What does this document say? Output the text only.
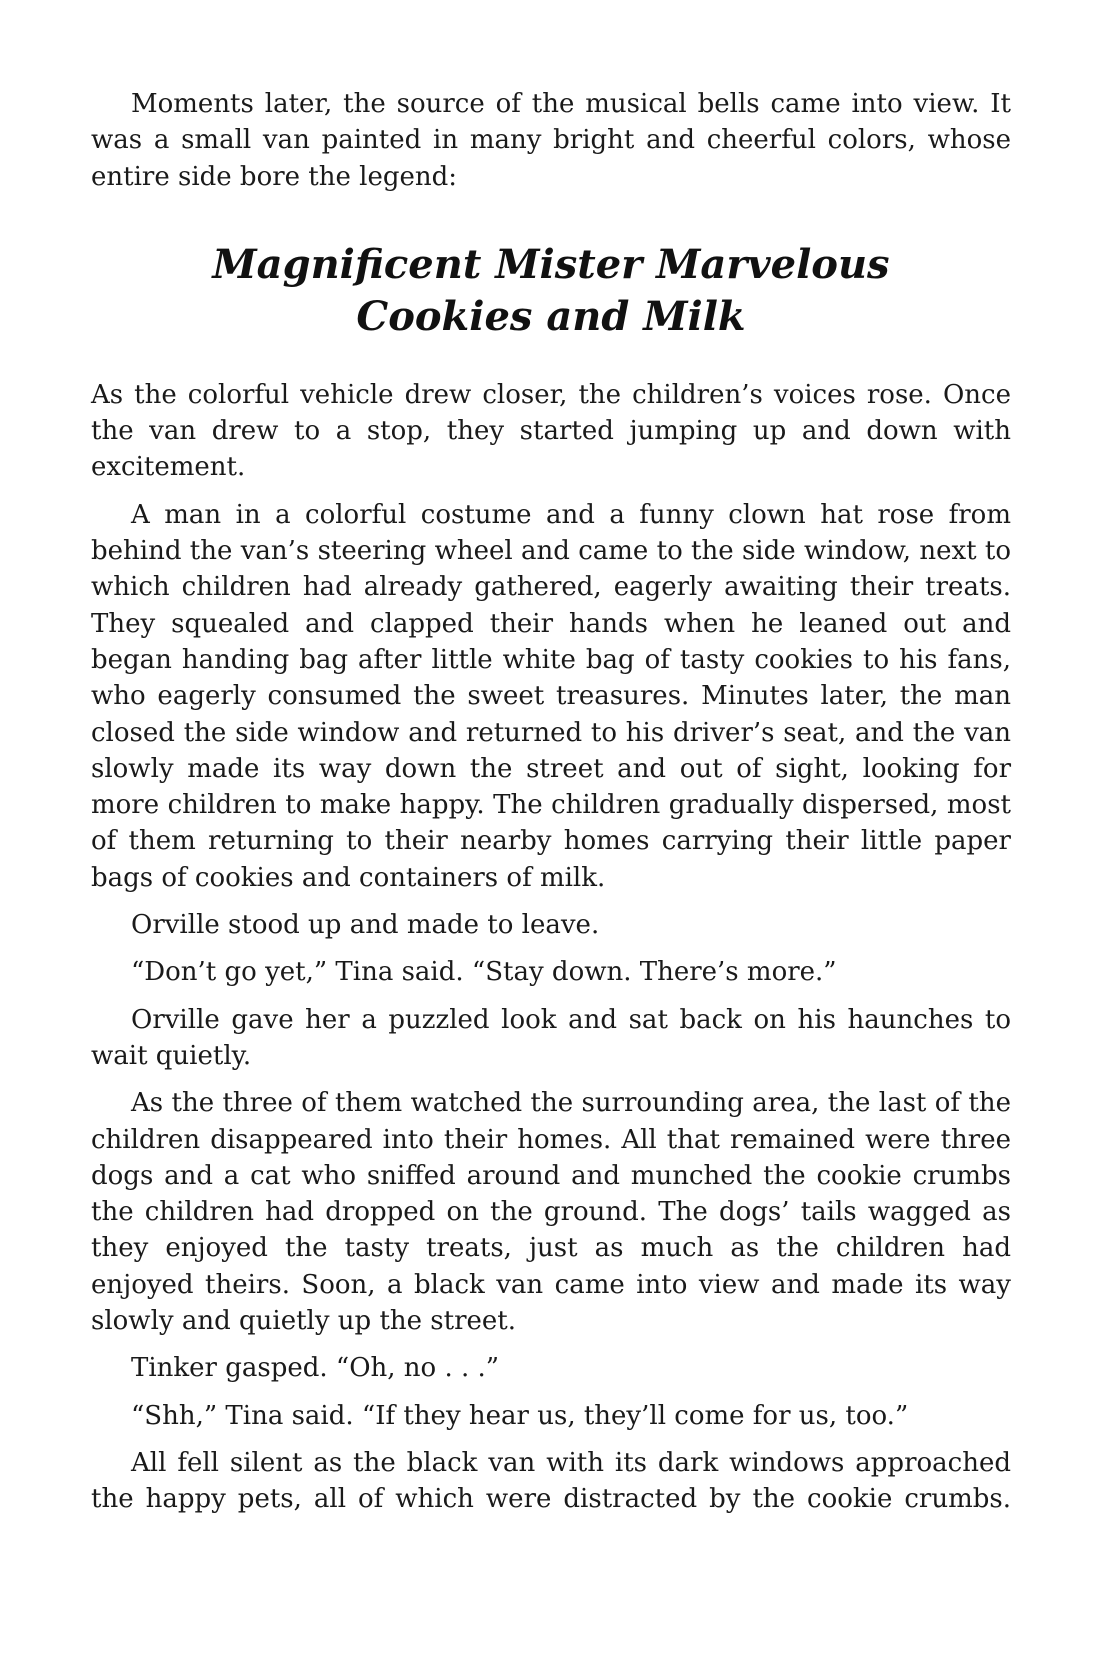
Moments later, the source of the musical bells came into view. It was a small van painted in many bright and cheerful colors, whose entire side bore the legend:

Magnificent Mister Marvelous
Cookies and Milk

As the colorful vehicle drew closer, the children’s voices rose. Once the van drew to a stop, they started jumping up and down with excitement.

A man in a colorful costume and a funny clown hat rose from behind the van’s steering wheel and came to the side window, next to which children had already gathered, eagerly awaiting their treats. They squealed and clapped their hands when he leaned out and began handing bag after little white bag of tasty cookies to his fans, who eagerly consumed the sweet treasures. Minutes later, the man closed the side window and returned to his driver’s seat, and the van slowly made its way down the street and out of sight, looking for more children to make happy. The children gradually dispersed, most of them returning to their nearby homes carrying their little paper bags of cookies and containers of milk.

Orville stood up and made to leave.

“Don’t go yet,” Tina said. “Stay down. There’s more.”

Orville gave her a puzzled look and sat back on his haunches to wait quietly.

As the three of them watched the surrounding area, the last of the children disappeared into their homes. All that remained were three dogs and a cat who sniffed around and munched the cookie crumbs the children had dropped on the ground. The dogs’ tails wagged as they enjoyed the tasty treats, just as much as the children had enjoyed theirs. Soon, a black van came into view and made its way slowly and quietly up the street.

Tinker gasped. “Oh, no . . .”

“Shh,” Tina said. “If they hear us, they’ll come for us, too.”

All fell silent as the black van with its dark windows approached the happy pets, all of which were distracted by the cookie crumbs.
